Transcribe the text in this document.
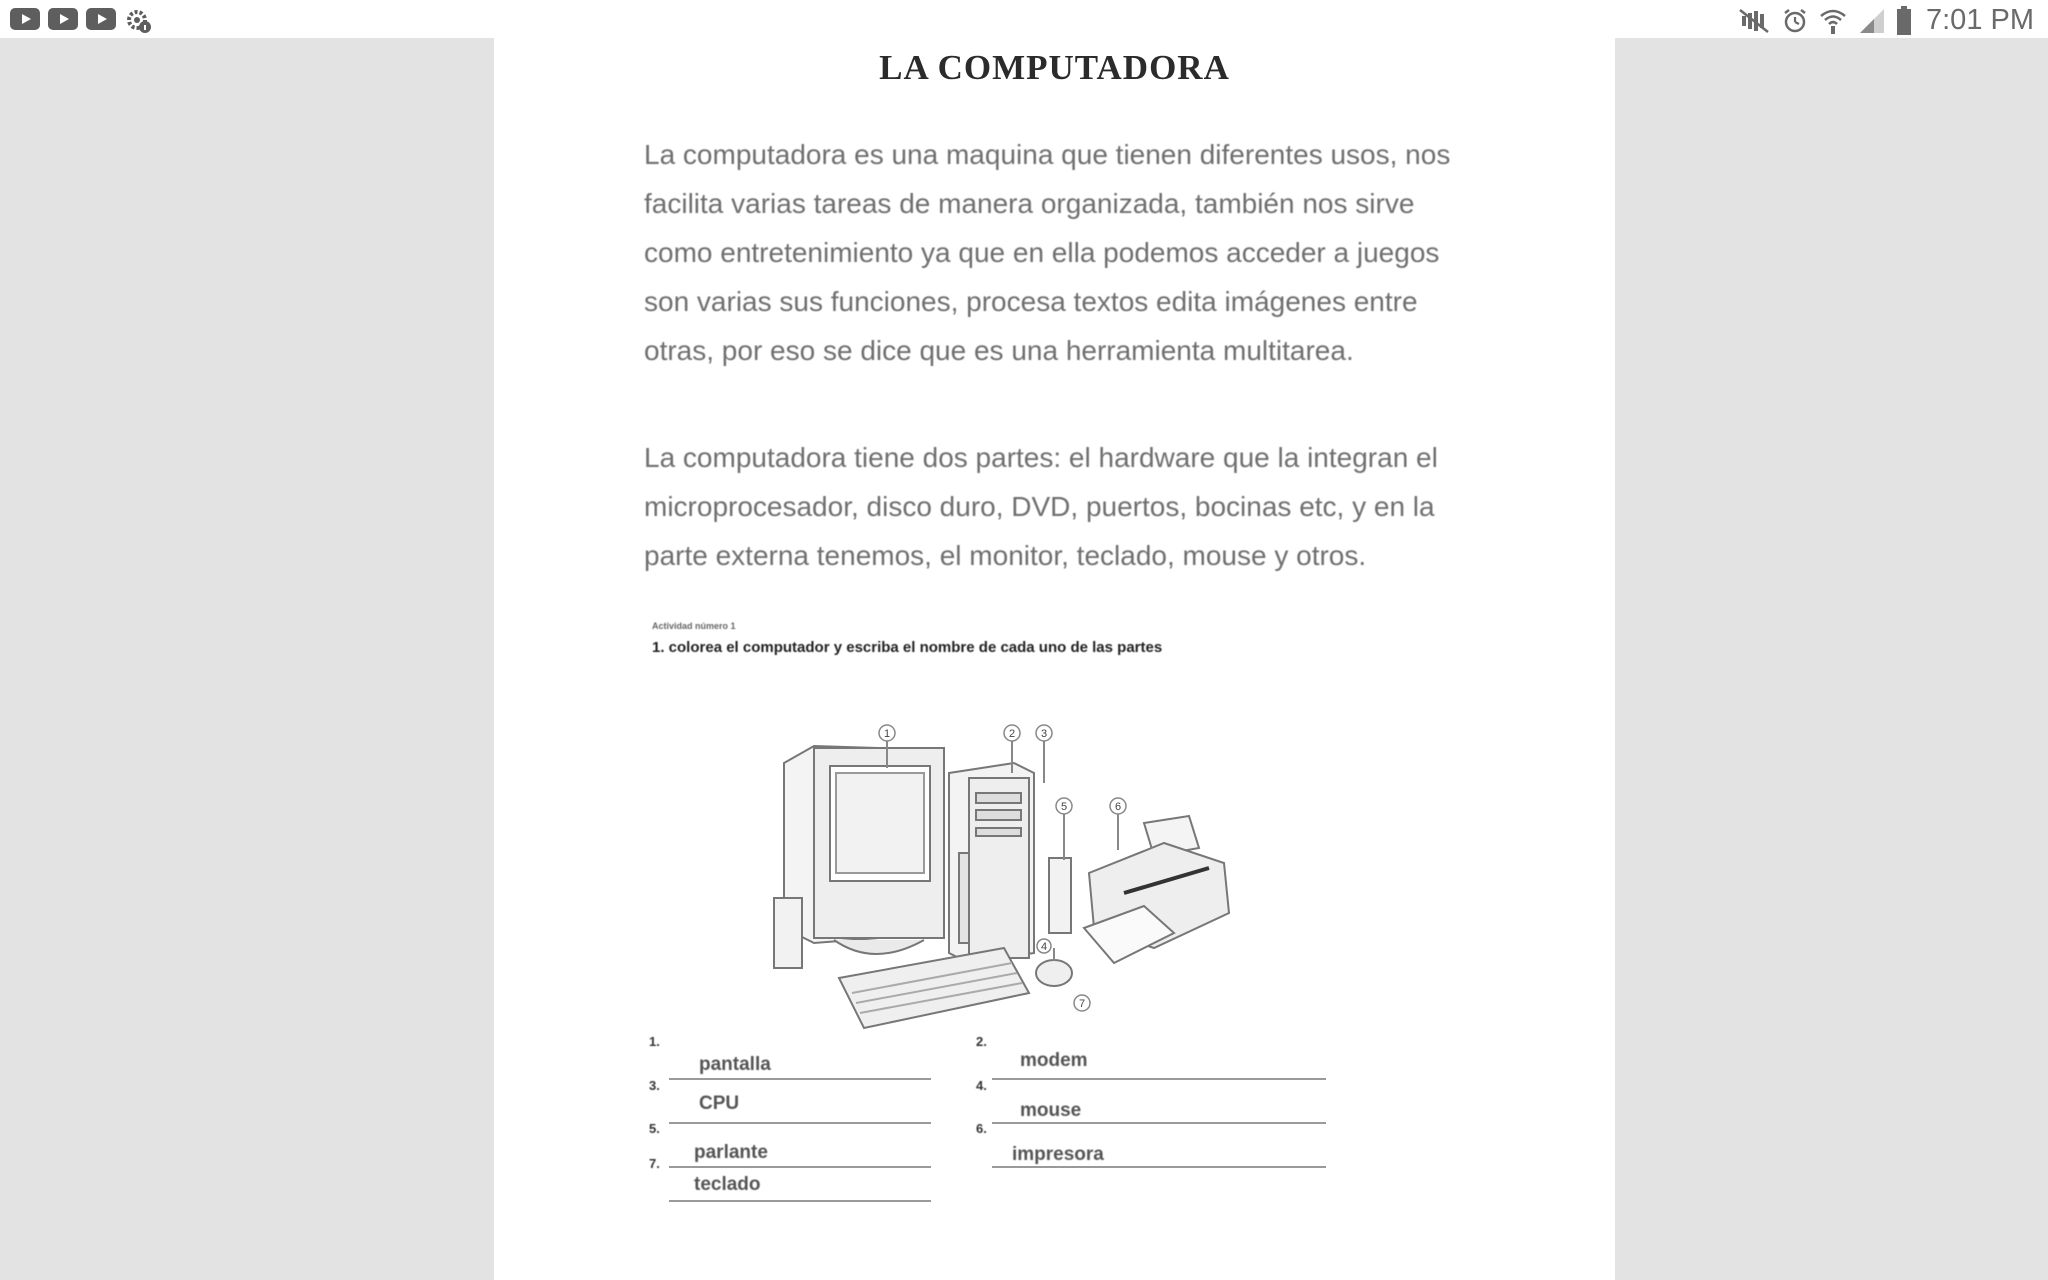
7:01 PM
LA COMPUTADORA

La computadora es una maquina que tienen diferentes usos, nos facilita varias tareas de manera organizada, también nos sirve como entretenimiento ya que en ella podemos acceder a juegos son varias sus funciones, procesa textos edita imágenes entre otras, por eso se dice que es una herramienta multitarea.

La computadora tiene dos partes: el hardware que la integran el microprocesador, disco duro, DVD, puertos, bocinas etc, y en la parte externa tenemos, el monitor, teclado, mouse y otros.

Actividad número 1
1. colorea el computador y escriba el nombre de cada uno de las partes
1	2 3
5	6
4
7
1.
pantalla
2.
modem
3.
CPU
4.
mouse
5.
parlante
6.
impresora
7.
teclado
